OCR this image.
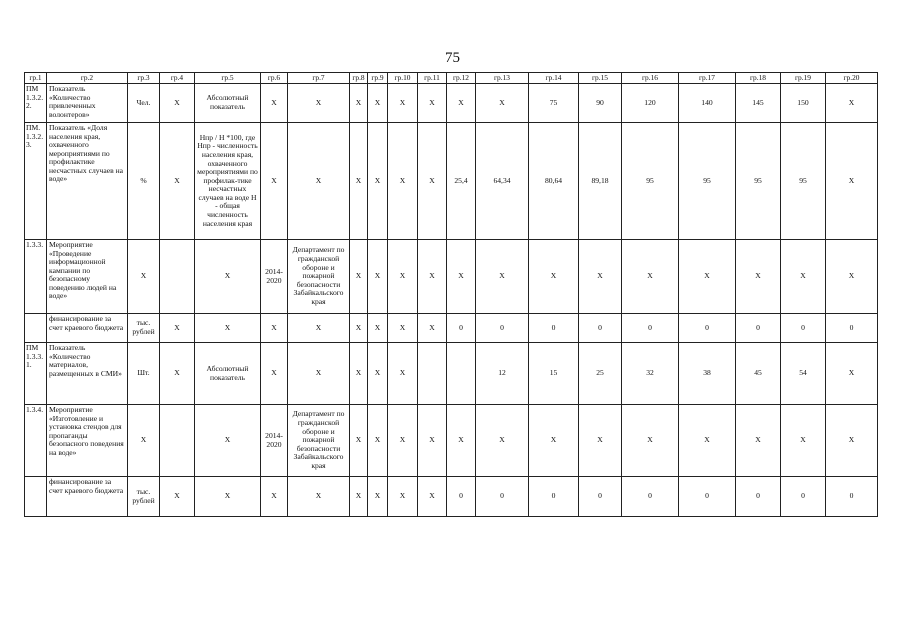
75
гр.1	гр.2	гр.3	гр.4	гр.5	гр.6	гр.7	гр.8	гр.9	гр.10	гр.11	гр.12	гр.13	гр.14	гр.15	гр.16	гр.17	гр.18	гр.19	гр.20
ПМ 1.3.2. 2.	Показатель «Количество привлеченных волонтеров»	Чел.	Х	Абсолютный показатель	Х	Х	Х	Х	Х	Х	Х	Х	75	90	120	140	145	150	Х
ПМ. 1.3.2. 3.	Показатель «Доля населения края, охваченного мероприятиями по профилактике несчастных случаев на воде»	%	Х	Нпр / Н *100, где Нпр - численность населения края, охваченного мероприятиями по профилак-тике несчастных случаев на воде Н - общая численность населения края	Х	Х	Х	Х	Х	Х	25,4	64,34	80,64	89,18	95	95	95	95	Х
1.3.3.	Мероприятие «Проведение информационной кампании по безопасному поведению людей на воде»	Х		Х	2014-2020	Департамент по гражданской обороне и пожарной безопасности Забайкальского края	Х	Х	Х	Х	Х	Х	Х	Х	Х	Х	Х	Х	Х
	финансирование за счет краевого бюджета	тыс. рублей	Х	Х	Х	Х	Х	Х	Х	Х	0	0	0	0	0	0	0	0	0
ПМ 1.3.3. 1.	Показатель «Количество материалов, размещенных в СМИ»	Шт.	Х	Абсолютный показатель	Х	Х	Х	Х	Х			12	15	25	32	38	45	54	Х
1.3.4.	Мероприятие «Изготовление и установка стендов для пропаганды безопасного поведения на воде»	Х		Х	2014-2020	Департамент по гражданской обороне и пожарной безопасности Забайкальского края	Х	Х	Х	Х	Х	Х	Х	Х	Х	Х	Х	Х	Х
	финансирование за счет краевого бюджета	тыс. рублей	Х	Х	Х	Х	Х	Х	Х	Х	0	0	0	0	0	0	0	0	0
